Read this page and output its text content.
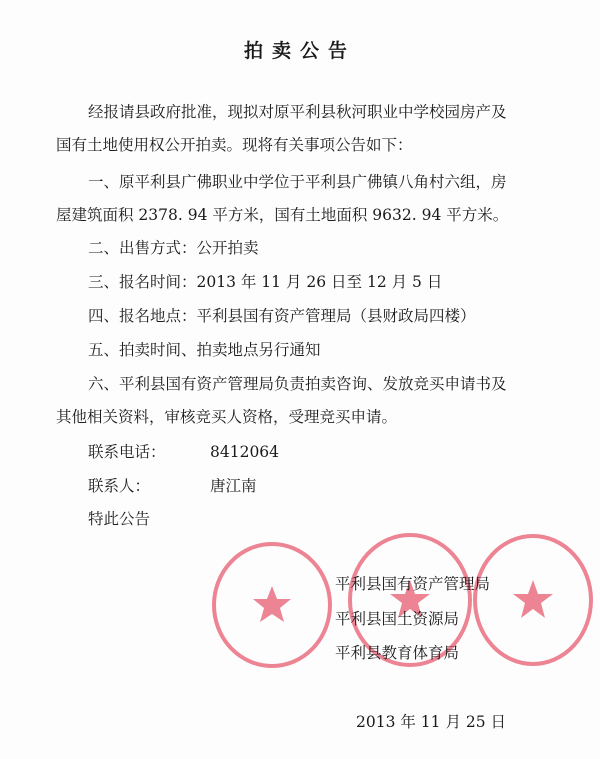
拍卖公告
经报请县政府批准，现拟对原平利县秋河职业中学校园房产及
国有土地使用权公开拍卖。现将有关事项公告如下：
一、原平利县广佛职业中学位于平利县广佛镇八角村六组，房
屋建筑面积 2378. 94 平方米，国有土地面积 9632. 94 平方米。
二、出售方式：公开拍卖
三、报名时间：2013 年 11 月 26 日至 12 月 5 日
四、报名地点：平利县国有资产管理局（县财政局四楼）
五、拍卖时间、拍卖地点另行通知
六、平利县国有资产管理局负责拍卖咨询、发放竞买申请书及
其他相关资料，审核竞买人资格，受理竞买申请。
联系电话：	8412064
联系人：	唐江南
特此公告
平利县国有资产管理局
平利县国土资源局
平利县教育体育局
2013 年 11 月 25 日
